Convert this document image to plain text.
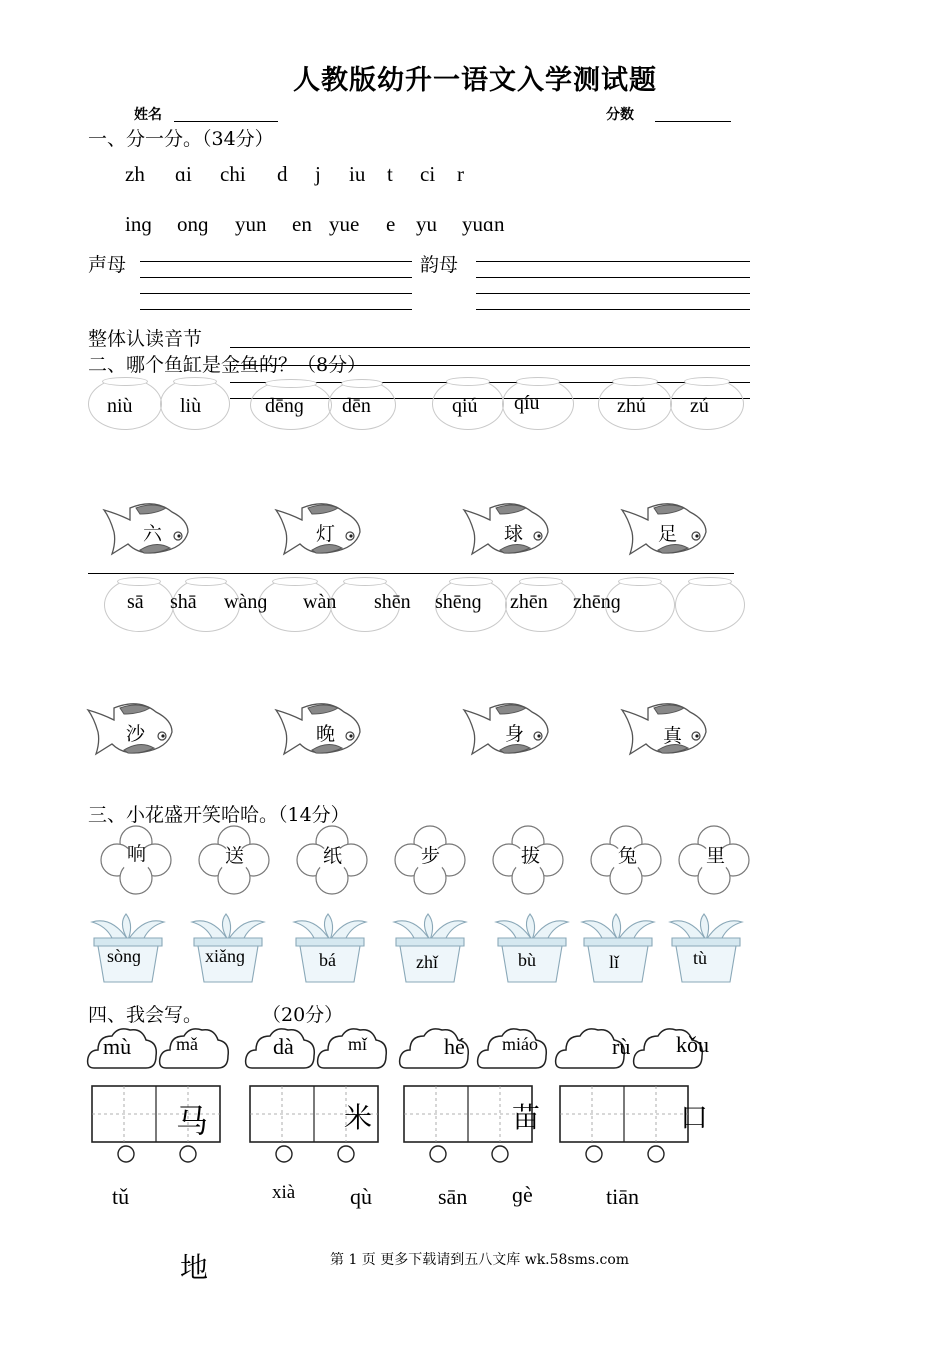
人教版幼升一语文入学测试题
姓名	分数
一、分一分。（34分）
zh ɑi chi d j iu t ci r
inɡ onɡ yun en yue e yu yuɑn
声母	韵母
整体认读音节
二、哪个鱼缸是金鱼的？（8分）
niù liù	dēnɡ dēn	qiú qíu	zhú zú
六	灯	球	足
sā shā wànɡ wàn shēn shēnɡ zhēn zhēnɡ
沙	晚	身	真
三、小花盛开笑哈哈。（14分）
响	送	纸	步	拔	兔	里
sònɡ	xiǎnɡ	bá	zhǐ	bù	lǐ	tù
四、我会写。	（20分）
mù mǎ	dà	mǐ	hé miáo	rù kǒu
马	米	苗	口
tǔ	xià qù	sān ɡè	tiān
地	第 1 页 更多下载请到五八文库 wk.58sms.com
